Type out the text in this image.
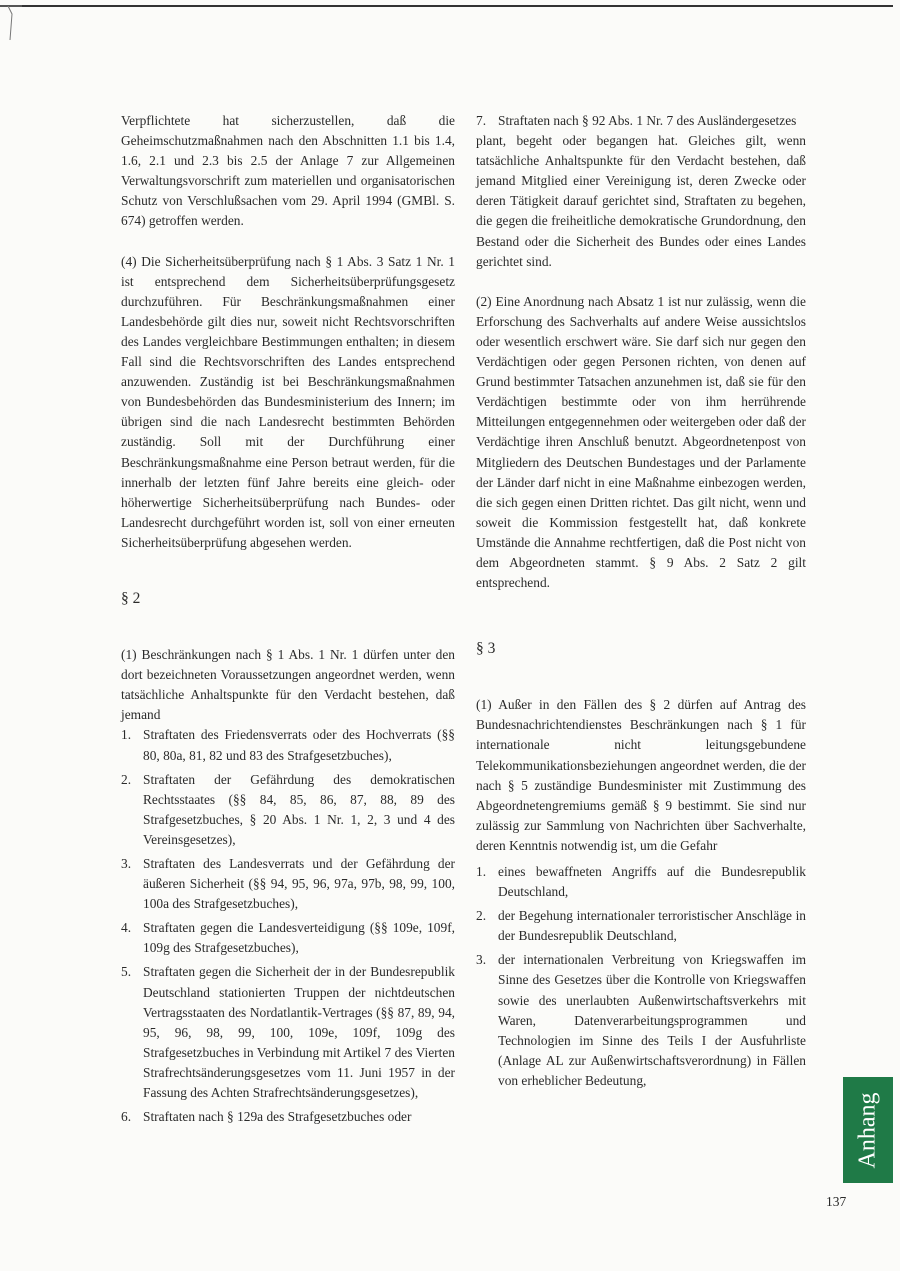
Verpflichtete hat sicherzustellen, daß die Geheimschutzmaßnahmen nach den Abschnitten 1.1 bis 1.4, 1.6, 2.1 und 2.3 bis 2.5 der Anlage 7 zur Allgemeinen Verwaltungsvorschrift zum materiellen und organisatorischen Schutz von Verschlußsachen vom 29. April 1994 (GMBl. S. 674) getroffen werden.

(4) Die Sicherheitsüberprüfung nach § 1 Abs. 3 Satz 1 Nr. 1 ist entsprechend dem Sicherheitsüberprüfungsgesetz durchzuführen. Für Beschränkungsmaßnahmen einer Landesbehörde gilt dies nur, soweit nicht Rechtsvorschriften des Landes vergleichbare Bestimmungen enthalten; in diesem Fall sind die Rechtsvorschriften des Landes entsprechend anzuwenden. Zuständig ist bei Beschränkungsmaßnahmen von Bundesbehörden das Bundesministerium des Innern; im übrigen sind die nach Landesrecht bestimmten Behörden zuständig. Soll mit der Durchführung einer Beschränkungsmaßnahme eine Person betraut werden, für die innerhalb der letzten fünf Jahre bereits eine gleich- oder höherwertige Sicherheitsüberprüfung nach Bundes- oder Landesrecht durchgeführt worden ist, soll von einer erneuten Sicherheitsüberprüfung abgesehen werden.

§ 2

(1) Beschränkungen nach § 1 Abs. 1 Nr. 1 dürfen unter den dort bezeichneten Voraussetzungen angeordnet werden, wenn tatsächliche Anhaltspunkte für den Verdacht bestehen, daß jemand

1. Straftaten des Friedensverrats oder des Hochverrats (§§ 80, 80a, 81, 82 und 83 des Strafgesetzbuches),
2. Straftaten der Gefährdung des demokratischen Rechtsstaates (§§ 84, 85, 86, 87, 88, 89 des Strafgesetzbuches, § 20 Abs. 1 Nr. 1, 2, 3 und 4 des Vereinsgesetzes),
3. Straftaten des Landesverrats und der Gefährdung der äußeren Sicherheit (§§ 94, 95, 96, 97a, 97b, 98, 99, 100, 100a des Strafgesetzbuches),
4. Straftaten gegen die Landesverteidigung (§§ 109e, 109f, 109g des Strafgesetzbuches),
5. Straftaten gegen die Sicherheit der in der Bundesrepublik Deutschland stationierten Truppen der nichtdeutschen Vertragsstaaten des Nordatlantik-Vertrages (§§ 87, 89, 94, 95, 96, 98, 99, 100, 109e, 109f, 109g des Strafgesetzbuches in Verbindung mit Artikel 7 des Vierten Strafrechtsänderungsgesetzes vom 11. Juni 1957 in der Fassung des Achten Strafrechtsänderungsgesetzes),
6. Straftaten nach § 129a des Strafgesetzbuches oder
7. Straftaten nach § 92 Abs. 1 Nr. 7 des Ausländergesetzes

plant, begeht oder begangen hat. Gleiches gilt, wenn tatsächliche Anhaltspunkte für den Verdacht bestehen, daß jemand Mitglied einer Vereinigung ist, deren Zwecke oder deren Tätigkeit darauf gerichtet sind, Straftaten zu begehen, die gegen die freiheitliche demokratische Grundordnung, den Bestand oder die Sicherheit des Bundes oder eines Landes gerichtet sind.

(2) Eine Anordnung nach Absatz 1 ist nur zulässig, wenn die Erforschung des Sachverhalts auf andere Weise aussichtslos oder wesentlich erschwert wäre. Sie darf sich nur gegen den Verdächtigen oder gegen Personen richten, von denen auf Grund bestimmter Tatsachen anzunehmen ist, daß sie für den Verdächtigen bestimmte oder von ihm herrührende Mitteilungen entgegennehmen oder weitergeben oder daß der Verdächtige ihren Anschluß benutzt. Abgeordnetenpost von Mitgliedern des Deutschen Bundestages und der Parlamente der Länder darf nicht in eine Maßnahme einbezogen werden, die sich gegen einen Dritten richtet. Das gilt nicht, wenn und soweit die Kommission festgestellt hat, daß konkrete Umstände die Annahme rechtfertigen, daß die Post nicht von dem Abgeordneten stammt. § 9 Abs. 2 Satz 2 gilt entsprechend.

§ 3

(1) Außer in den Fällen des § 2 dürfen auf Antrag des Bundesnachrichtendienstes Beschränkungen nach § 1 für internationale nicht leitungsgebundene Telekommunikationsbeziehungen angeordnet werden, die der nach § 5 zuständige Bundesminister mit Zustimmung des Abgeordnetengremiums gemäß § 9 bestimmt. Sie sind nur zulässig zur Sammlung von Nachrichten über Sachverhalte, deren Kenntnis notwendig ist, um die Gefahr

1. eines bewaffneten Angriffs auf die Bundesrepublik Deutschland,
2. der Begehung internationaler terroristischer Anschläge in der Bundesrepublik Deutschland,
3. der internationalen Verbreitung von Kriegswaffen im Sinne des Gesetzes über die Kontrolle von Kriegswaffen sowie des unerlaubten Außenwirtschaftsverkehrs mit Waren, Datenverarbeitungsprogrammen und Technologien im Sinne des Teils I der Ausfuhrliste (Anlage AL zur Außenwirtschaftsverordnung) in Fällen von erheblicher Bedeutung,
Anhang
137
